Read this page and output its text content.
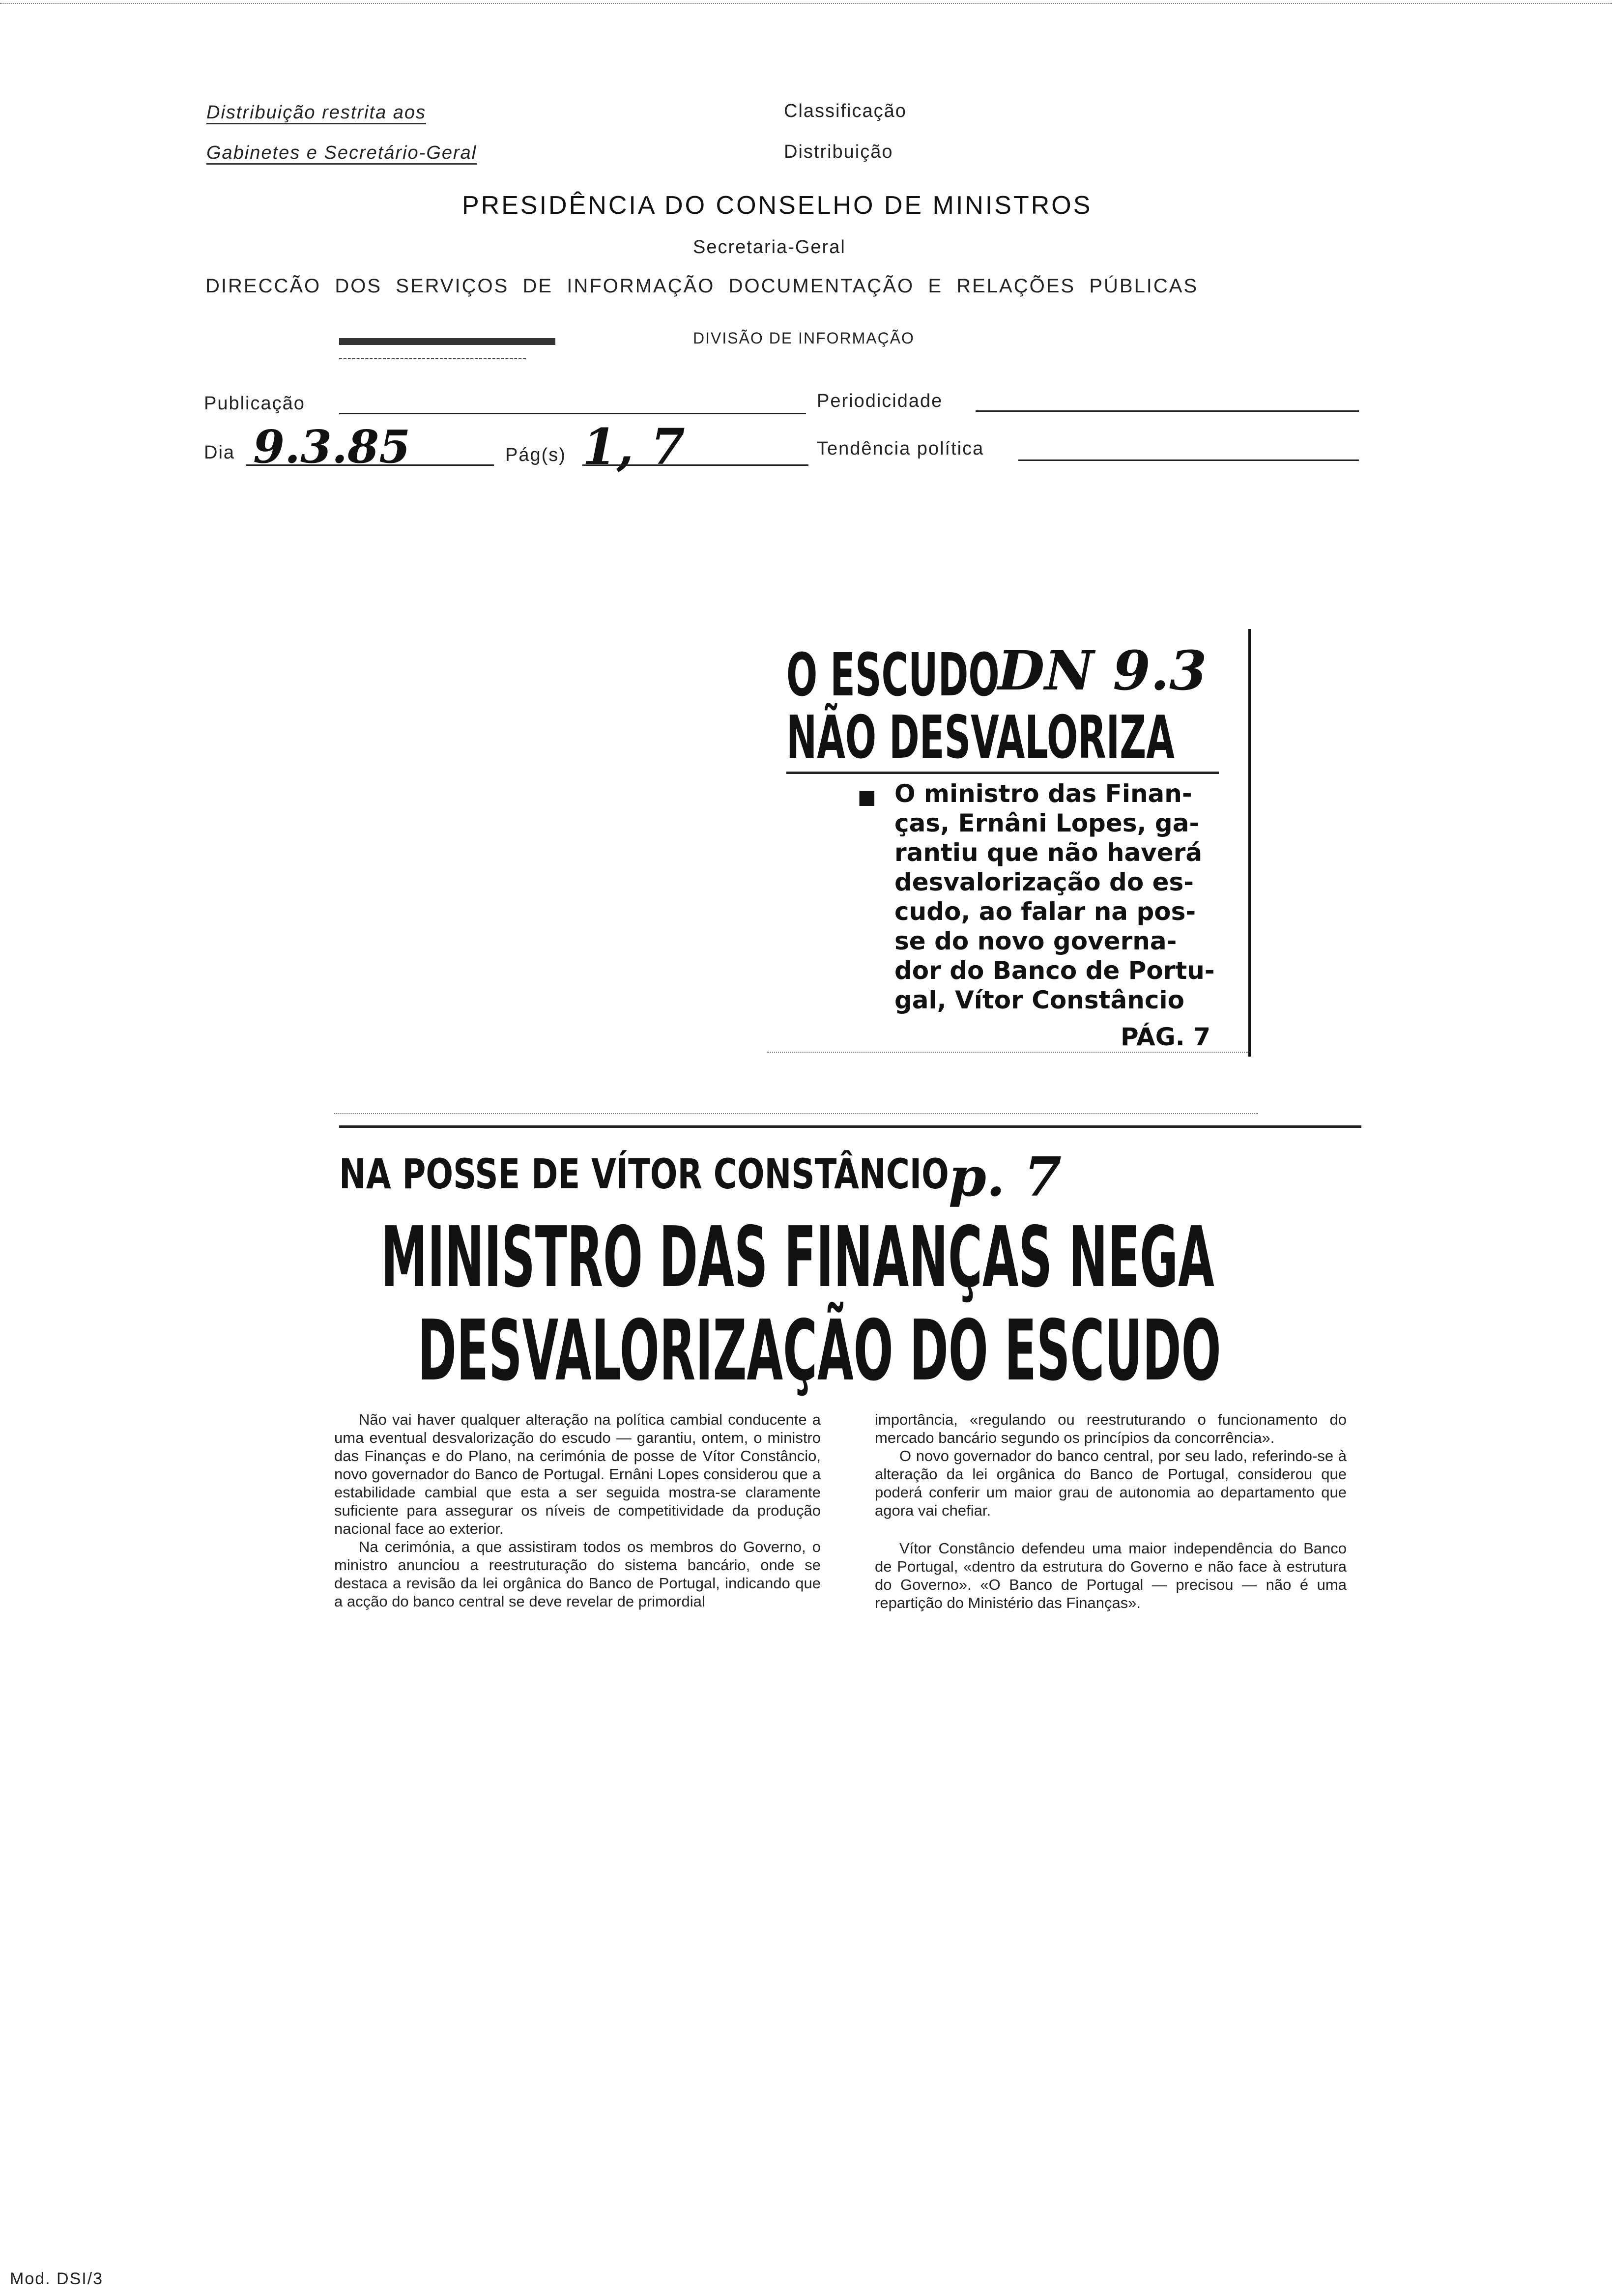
Distribuição restrita aos
Gabinetes e Secretário-Geral
Classificação
Distribuição
PRESIDÊNCIA DO CONSELHO DE MINISTROS
Secretaria-Geral
DIRECCÃO  DOS  SERVIÇOS  DE  INFORMAÇÃO  DOCUMENTAÇÃO  E  RELAÇÕES  PÚBLICAS
DIVISÃO DE INFORMAÇÃO
Publicação	Periodicidade
Dia 9.3.85	Pág(s) 1, 7	Tendência política
O ESCUDO
DN 9.3
NÃO DESVALORIZA
■ O ministro das Finan-
ças, Ernâni Lopes, ga-
rantiu que não haverá
desvalorização do es-
cudo, ao falar na pos-
se do novo governa-
dor do Banco de Portu-
gal, Vítor Constâncio
PÁG. 7
NA POSSE DE VÍTOR CONSTÂNCIO p. 7
MINISTRO DAS FINANÇAS NEGA
DESVALORIZAÇÃO DO ESCUDO

Não vai haver qualquer alteração na política cambial conducente a uma eventual desvalorização do escudo — garantiu, ontem, o ministro das Finanças e do Plano, na cerimónia de posse de Vítor Constâncio, novo governador do Banco de Portugal. Ernâni Lopes considerou que a estabilidade cambial que esta a ser seguida mostra-se claramente suficiente para assegurar os níveis de competitividade da produção nacional face ao exterior.

Na cerimónia, a que assistiram todos os membros do Governo, o ministro anunciou a reestruturação do sistema bancário, onde se destaca a revisão da lei orgânica do Banco de Portugal, indicando que a acção do banco central se deve revelar de primordial

importância, «regulando ou reestruturando o funcionamento do mercado bancário segundo os princípios da concorrência».

O novo governador do banco central, por seu lado, referindo-se à alteração da lei orgânica do Banco de Portugal, considerou que poderá conferir um maior grau de autonomia ao departamento que agora vai chefiar.

Vítor Constâncio defendeu uma maior independência do Banco de Portugal, «dentro da estrutura do Governo e não face à estrutura do Governo». «O Banco de Portugal — precisou — não é uma repartição do Ministério das Finanças».

Mod. DSI/3
